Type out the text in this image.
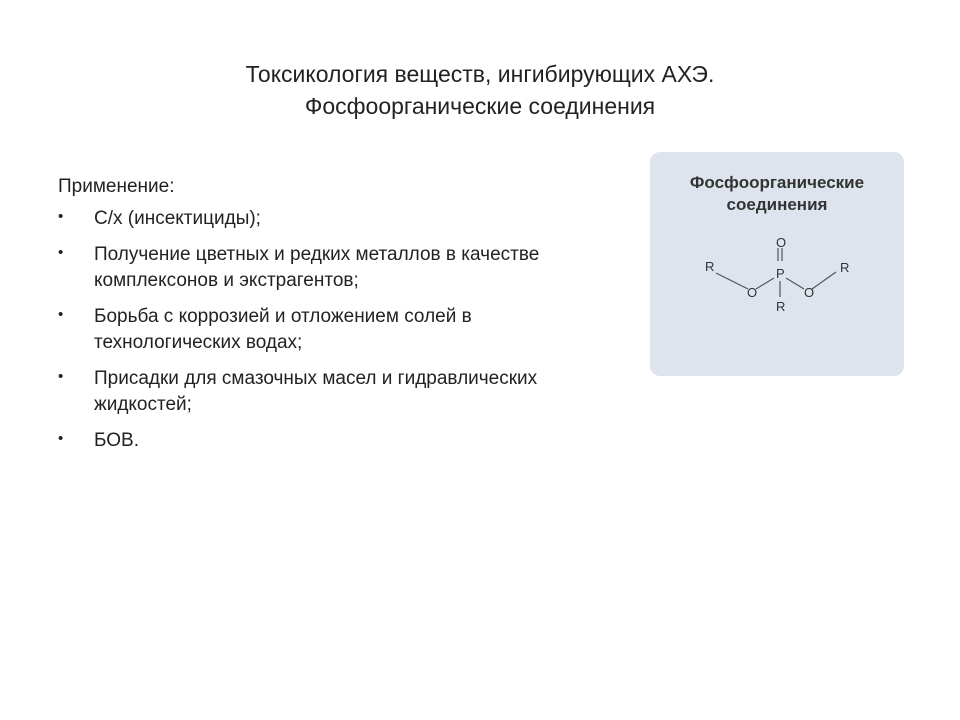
Токсикология веществ, ингибирующих АХЭ.
Фосфоорганические соединения
Применение:
• С/х (инсектициды);
• Получение цветных и редких металлов в качестве комплексонов и экстрагентов;
• Борьба с коррозией и отложением солей в технологических водах;
• Присадки для смазочных масел и гидравлических жидкостей;
• БОВ.
Фосфоорганические
соединения
R
O
P
O
O
R
R
